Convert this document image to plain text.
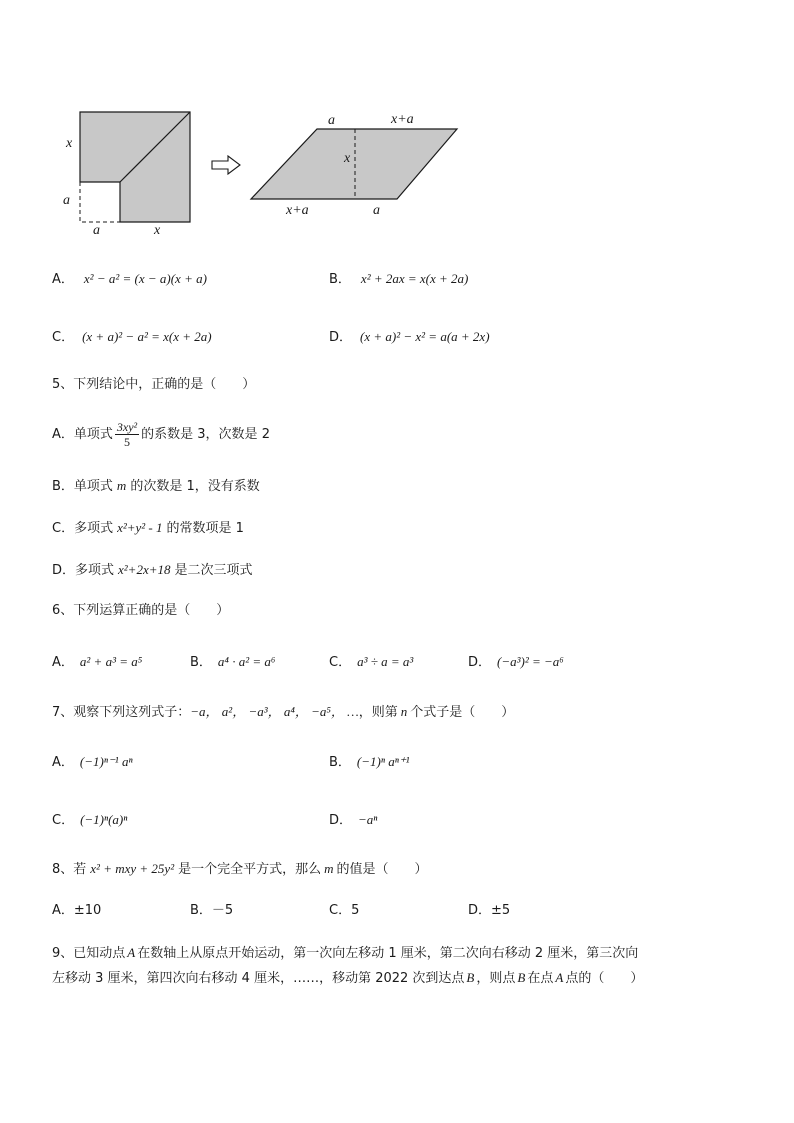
x
a
a	x
a	x+a
x
x+a	a
A． x² − a² = (x − a)(x + a)	B． x² + 2ax = x(x + 2a)
C． (x + a)² − a² = x(x + 2a)	D． (x + a)² − x² = a(a + 2x)
5、下列结论中，正确的是（　　）
A．单项式 $\frac{\text{3xy²}}{5}$ 的系数是 3，次数是 2
B．单项式 m 的次数是 1，没有系数
C．多项式 x²+y² - 1 的常数项是 1
D．多项式 x²+2x+18 是二次三项式
6、下列运算正确的是（　　）
A． a² + a³ = a⁵	B． a⁴ · a² = a⁶	C． a³ ÷ a = a³	D． (−a³)² = −a⁶
7、观察下列这列式子：−a， a²， −a³， a⁴， −a⁵， …，则第 n 个式子是（　　）
A． (−1)ⁿ⁻¹ aⁿ	B． (−1)ⁿ aⁿ⁺¹
C． (−1)ⁿ(a)ⁿ	D． −aⁿ
8、若 x² + mxy + 25y² 是一个完全平方式，那么 m 的值是（　　）
A．±10	B．－5	C．5	D．±5
9、已知动点 A 在数轴上从原点开始运动，第一次向左移动 1 厘米，第二次向右移动 2 厘米，第三次向
左移动 3 厘米，第四次向右移动 4 厘米，……，移动第 2022 次到达点 B ，则点 B 在点 A 点的（　　）
